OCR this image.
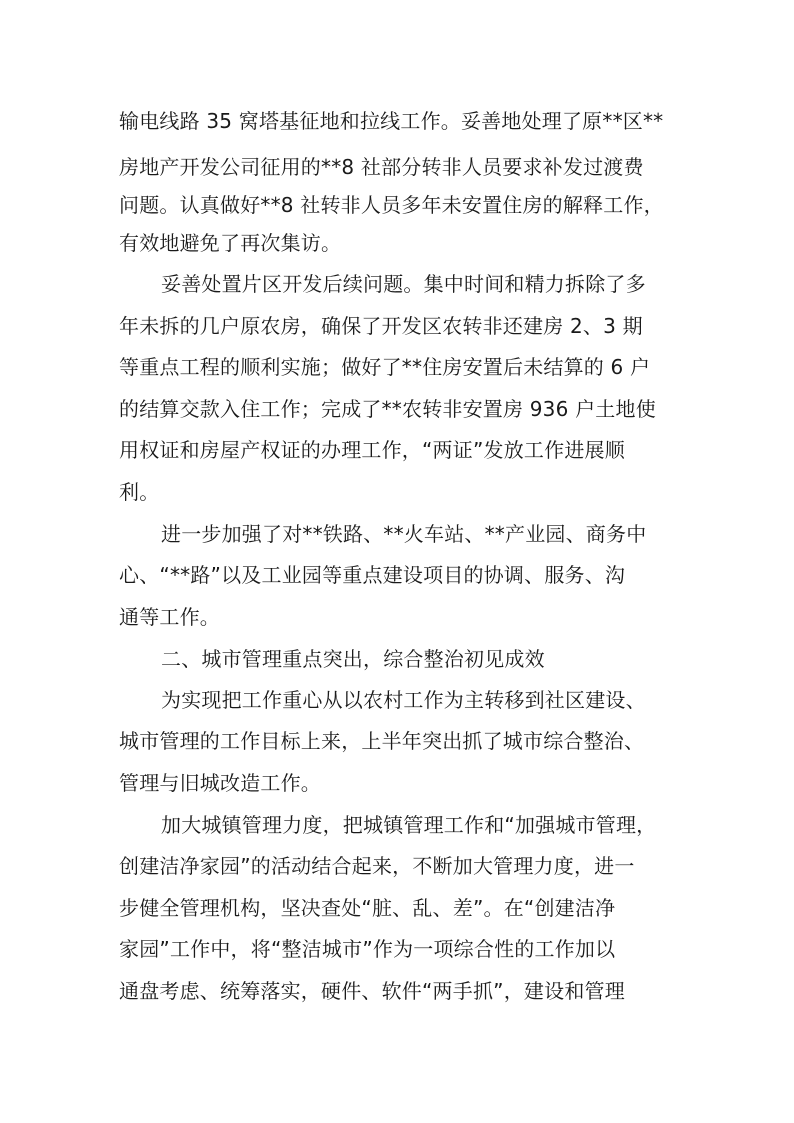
输电线路 35 窝塔基征地和拉线工作。妥善地处理了原**区**
房地产开发公司征用的**8 社部分转非人员要求补发过渡费
问题。认真做好**8 社转非人员多年未安置住房的解释工作，
有效地避免了再次集访。
妥善处置片区开发后续问题。集中时间和精力拆除了多
年未拆的几户原农房，确保了开发区农转非还建房 2、3 期
等重点工程的顺利实施；做好了**住房安置后未结算的 6 户
的结算交款入住工作；完成了**农转非安置房 936 户土地使
用权证和房屋产权证的办理工作，“两证”发放工作进展顺
利。
进一步加强了对**铁路、**火车站、**产业园、商务中
心、“**路”以及工业园等重点建设项目的协调、服务、沟
通等工作。
二、城市管理重点突出，综合整治初见成效
为实现把工作重心从以农村工作为主转移到社区建设、
城市管理的工作目标上来，上半年突出抓了城市综合整治、
管理与旧城改造工作。
加大城镇管理力度，把城镇管理工作和“加强城市管理，
创建洁净家园”的活动结合起来，不断加大管理力度，进一
步健全管理机构，坚决查处“脏、乱、差”。在“创建洁净
家园”工作中，将“整洁城市”作为一项综合性的工作加以
通盘考虑、统筹落实，硬件、软件“两手抓”，建设和管理
